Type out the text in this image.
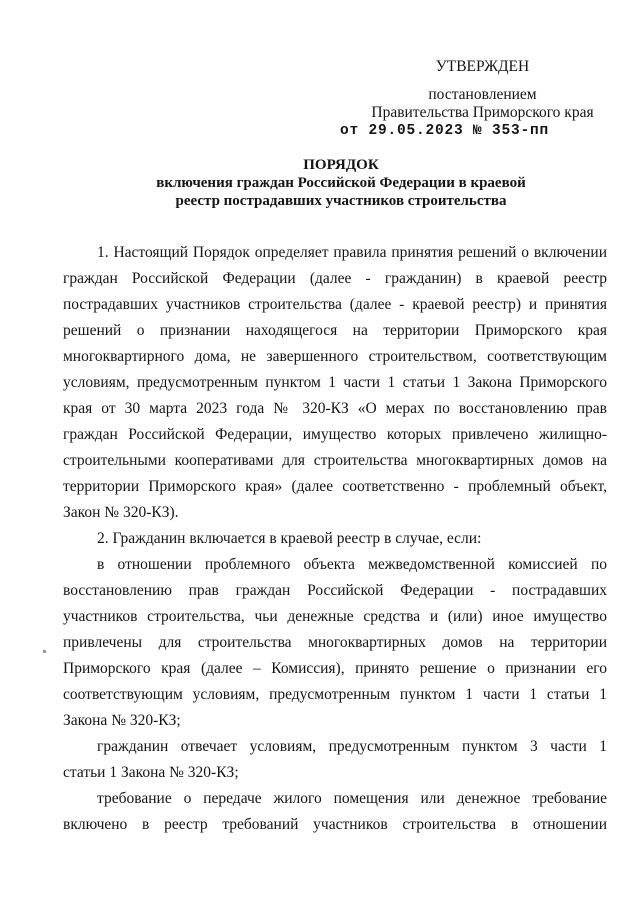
УТВЕРЖДЕН
постановлением
Правительства Приморского края
от 29.05.2023 № 353-пп
ПОРЯДОК
включения граждан Российской Федерации в краевой
реестр пострадавших участников строительства
1. Настоящий Порядок определяет правила принятия решений о включении
граждан Российской Федерации (далее - гражданин) в краевой реестр
пострадавших участников строительства (далее - краевой реестр) и принятия
решений о признании находящегося на территории Приморского края
многоквартирного дома, не завершенного строительством, соответствующим
условиям, предусмотренным пунктом 1 части 1 статьи 1 Закона Приморского
края от 30 марта 2023 года № 320-КЗ «О мерах по восстановлению прав
граждан Российской Федерации, имущество которых привлечено жилищно-
строительными кооперативами для строительства многоквартирных домов на
территории Приморского края» (далее соответственно - проблемный объект,
Закон № 320-КЗ).
2. Гражданин включается в краевой реестр в случае, если:
в отношении проблемного объекта межведомственной комиссией по
восстановлению прав граждан Российской Федерации - пострадавших
участников строительства, чьи денежные средства и (или) иное имущество
привлечены для строительства многоквартирных домов на территории
Приморского края (далее – Комиссия), принято решение о признании его
соответствующим условиям, предусмотренным пунктом 1 части 1 статьи 1
Закона № 320-КЗ;
гражданин отвечает условиям, предусмотренным пунктом 3 части 1
статьи 1 Закона № 320-КЗ;
требование о передаче жилого помещения или денежное требование
включено в реестр требований участников строительства в отношении
